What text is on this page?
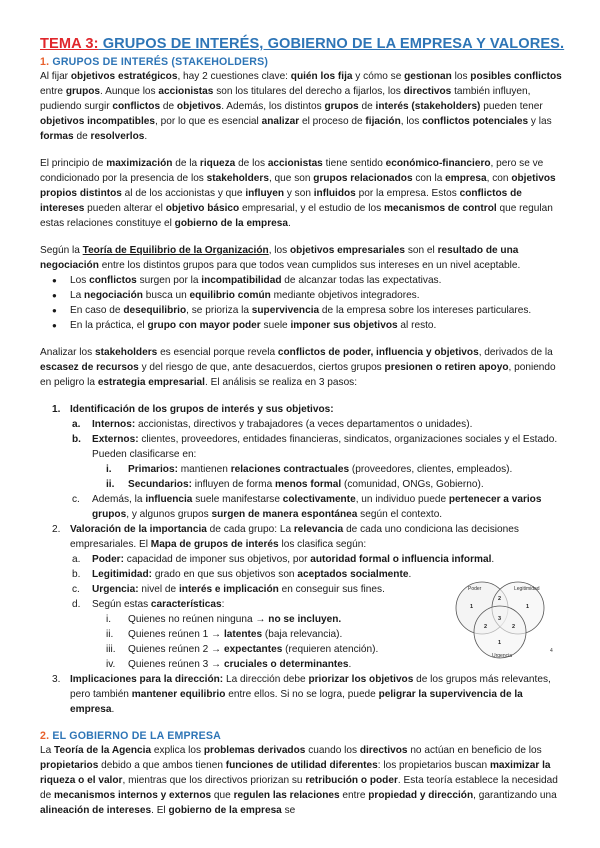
TEMA 3: GRUPOS DE INTERÉS, GOBIERNO DE LA EMPRESA Y VALORES.
1. GRUPOS DE INTERÉS (STAKEHOLDERS)

Al fijar objetivos estratégicos, hay 2 cuestiones clave: quién los fija y cómo se gestionan los posibles conflictos entre grupos. Aunque los accionistas son los titulares del derecho a fijarlos, los directivos también influyen, pudiendo surgir conflictos de objetivos. Además, los distintos grupos de interés (stakeholders) pueden tener objetivos incompatibles, por lo que es esencial analizar el proceso de fijación, los conflictos potenciales y las formas de resolverlos.

El principio de maximización de la riqueza de los accionistas tiene sentido económico-financiero, pero se ve condicionado por la presencia de los stakeholders, que son grupos relacionados con la empresa, con objetivos propios distintos al de los accionistas y que influyen y son influidos por la empresa. Estos conflictos de intereses pueden alterar el objetivo básico empresarial, y el estudio de los mecanismos de control que regulan estas relaciones constituye el gobierno de la empresa.

Según la Teoría de Equilibrio de la Organización, los objetivos empresariales son el resultado de una negociación entre los distintos grupos para que todos vean cumplidos sus intereses en un nivel aceptable.

● Los conflictos surgen por la incompatibilidad de alcanzar todas las expectativas.
● La negociación busca un equilibrio común mediante objetivos integradores.
● En caso de desequilibrio, se prioriza la supervivencia de la empresa sobre los intereses particulares.
● En la práctica, el grupo con mayor poder suele imponer sus objetivos al resto.

Analizar los stakeholders es esencial porque revela conflictos de poder, influencia y objetivos, derivados de la escasez de recursos y del riesgo de que, ante desacuerdos, ciertos grupos presionen o retiren apoyo, poniendo en peligro la estrategia empresarial. El análisis se realiza en 3 pasos:

1. Identificación de los grupos de interés y sus objetivos:
a. Internos: accionistas, directivos y trabajadores (a veces departamentos o unidades).
b. Externos: clientes, proveedores, entidades financieras, sindicatos, organizaciones sociales y el Estado. Pueden clasificarse en:
i. Primarios: mantienen relaciones contractuales (proveedores, clientes, empleados).
ii. Secundarios: influyen de forma menos formal (comunidad, ONGs, Gobierno).
c. Además, la influencia suele manifestarse colectivamente, un individuo puede pertenecer a varios grupos, y algunos grupos surgen de manera espontánea según el contexto.
2. Valoración de la importancia de cada grupo: La relevancia de cada uno condiciona las decisiones empresariales. El Mapa de grupos de interés los clasifica según:
a. Poder: capacidad de imponer sus objetivos, por autoridad formal o influencia informal.
b. Legitimidad: grado en que sus objetivos son aceptados socialmente.
c. Urgencia: nivel de interés e implicación en conseguir sus fines.
d. Según estas características:
i. Quienes no reúnen ninguna → no se incluyen.
ii. Quienes reúnen 1 → latentes (baja relevancia).
iii. Quienes reúnen 2 → expectantes (requieren atención).
iv. Quienes reúnen 3 → cruciales o determinantes.
3. Implicaciones para la dirección: La dirección debe priorizar los objetivos de los grupos más relevantes, pero también mantener equilibrio entre ellos. Si no se logra, puede peligrar la supervivencia de la empresa.
2. EL GOBIERNO DE LA EMPRESA

La Teoría de la Agencia explica los problemas derivados cuando los directivos no actúan en beneficio de los propietarios debido a que ambos tienen funciones de utilidad diferentes: los propietarios buscan maximizar la riqueza o el valor, mientras que los directivos priorizan su retribución o poder. Esta teoría establece la necesidad de mecanismos internos y externos que regulen las relaciones entre propiedad y dirección, garantizando una alineación de intereses. El gobierno de la empresa se

Poder	Legitimidad
Urgencia
1
2
3
2	2
1
1
4
